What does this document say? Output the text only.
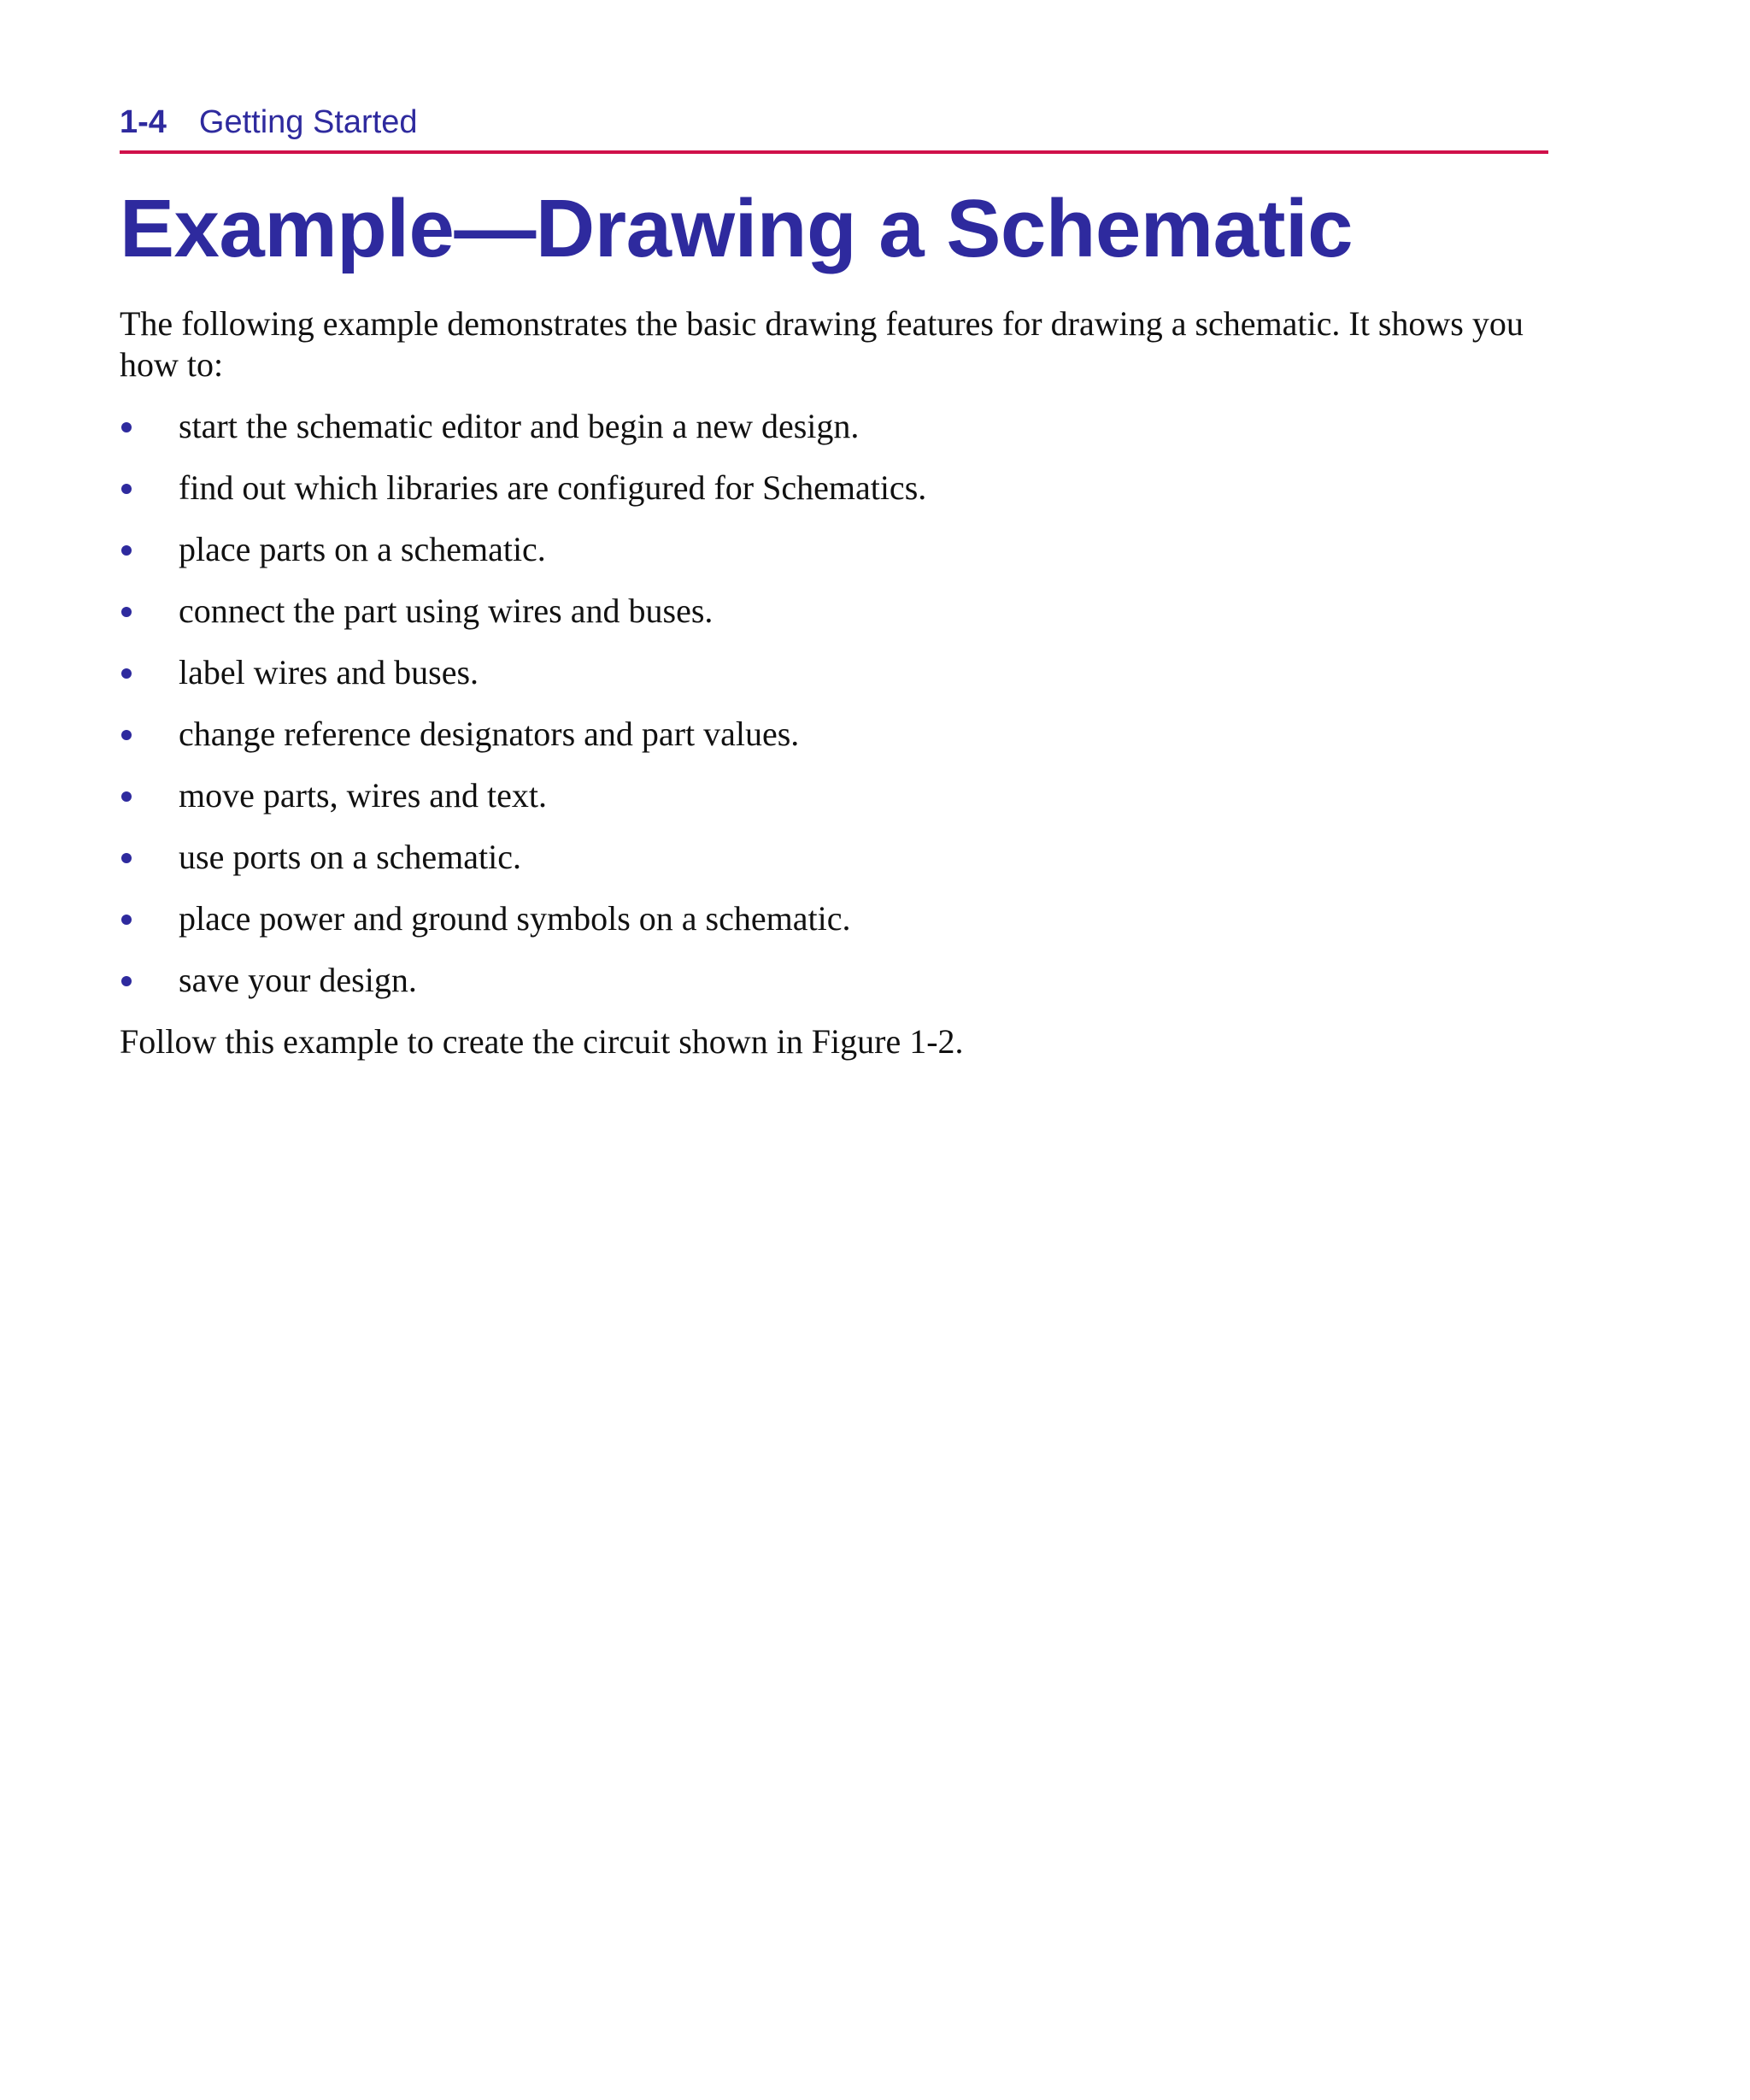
1-4 Getting Started
Example—Drawing a Schematic

The following example demonstrates the basic drawing features for drawing a schematic. It shows you how to:

start the schematic editor and begin a new design.
find out which libraries are configured for Schematics.
place parts on a schematic.
connect the part using wires and buses.
label wires and buses.
change reference designators and part values.
move parts, wires and text.
use ports on a schematic.
place power and ground symbols on a schematic.
save your design.

Follow this example to create the circuit shown in Figure 1-2.
